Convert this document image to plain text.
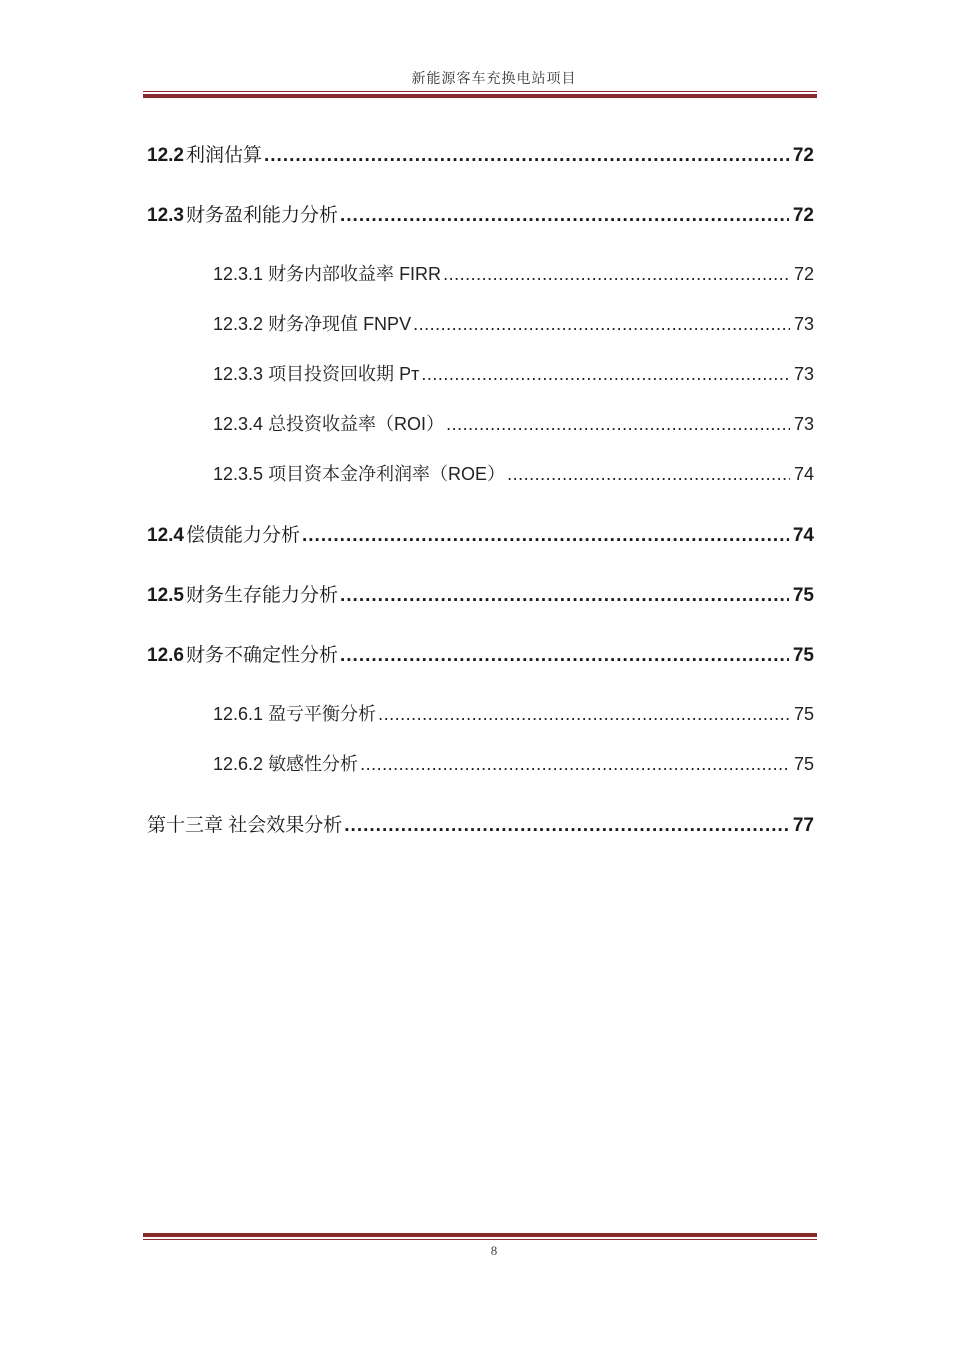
新能源客车充换电站项目
12.2 利润估算 .....	72
12.3 财务盈利能力分析 .....	72
12.3.1 财务内部收益率 FIRR .....	72
12.3.2 财务净现值 FNPV .....	73
12.3.3 项目投资回收期 Pт .....	73
12.3.4 总投资收益率（ROI） .....	73
12.3.5 项目资本金净利润率（ROE） .....	74
12.4 偿债能力分析 .....	74
12.5 财务生存能力分析 .....	75
12.6 财务不确定性分析 .....	75
12.6.1 盈亏平衡分析 .....	75
12.6.2 敏感性分析 .....	75
第十三章 社会效果分析 .....	77
8
